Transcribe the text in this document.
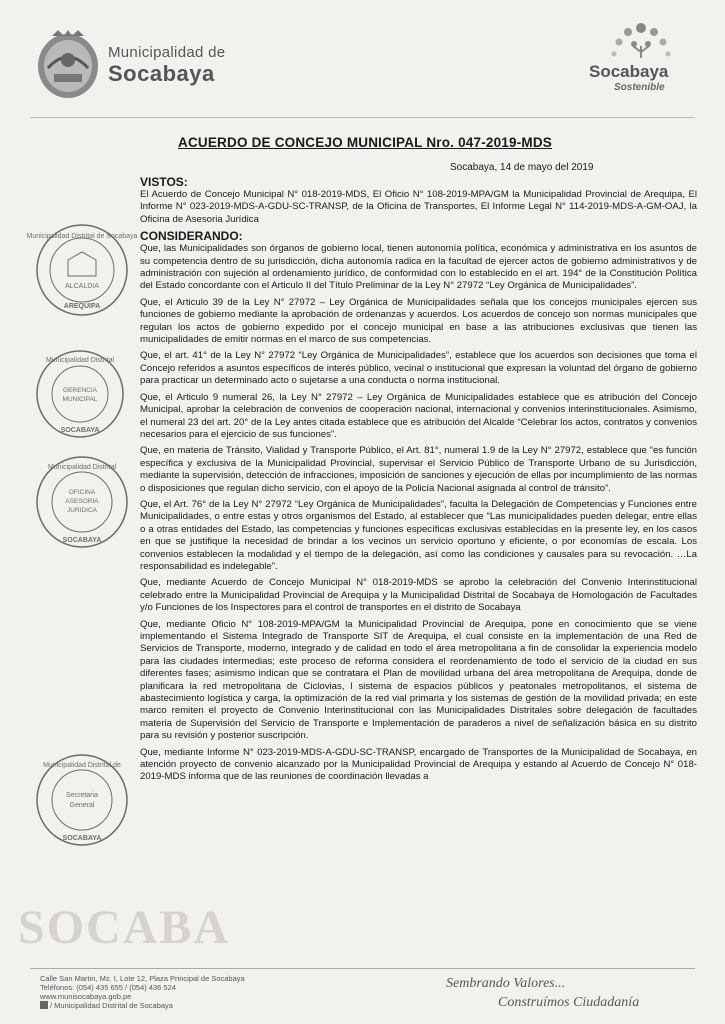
Municipalidad de
Socabaya	Socabaya
Sostenible
ACUERDO DE CONCEJO MUNICIPAL Nro. 047-2019-MDS
Socabaya, 14 de mayo del 2019
VISTOS:

El Acuerdo de Concejo Municipal N° 018-2019-MDS, El Oficio N° 108-2019-MPA/GM la Municipalidad Provincial de Arequipa, El Informe N° 023-2019-MDS-A-GDU-SC-TRANSP, de la Oficina de Transportes, El Informe Legal N° 114-2019-MDS-A-GM-OAJ, la Oficina de Asesoria Jurídica

CONSIDERANDO:

Que, las Municipalidades son órganos de gobierno local, tienen autonomía política, económica y administrativa en los asuntos de su competencia dentro de su jurisdicción, dicha autonomía radica en la facultad de ejercer actos de gobierno administrativos y de administración con sujeción al ordenamiento jurídico, de conformidad con lo establecido en el art. 194° de la Constitución Política del Estado concordante con el Articulo II del Título Preliminar de la Ley N° 27972 “Ley Orgánica de Municipalidades”.

Que, el Articulo 39 de la Ley N° 27972 – Ley Orgánica de Municipalidades señala que los concejos municipales ejercen sus funciones de gobierno mediante la aprobación de ordenanzas y acuerdos. Los acuerdos de concejo son normas municipales que regulan los actos de gobierno expedido por el concejo municipal en base a las atribuciones exclusivas que tienen las municipalidades de emitir normas en el marco de sus competencias.

Que, el art. 41° de la Ley N° 27972 “Ley Orgánica de Municipalidades”, establece que los acuerdos son decisiones que toma el Concejo referidos a asuntos específicos de interés público, vecinal o institucional que expresan la voluntad del órgano de gobierno para practicar un determinado acto o sujetarse a una conducta o norma institucional.

Que, el Articulo 9 numeral 26, la Ley N° 27972 – Ley Orgánica de Municipalidades establece que es atribución del Concejo Municipal, aprobar la celebración de convenios de cooperación nacional, internacional y convenios interinstitucionales. Asimismo, el numeral 23 del art. 20° de la Ley antes citada establece que es atribución del Alcalde “Celebrar los actos, contratos y convenios necesarios para el ejercicio de sus funciones”.

Que, en materia de Tránsito, Vialidad y Transporte Público, el Art. 81°, numeral 1.9 de la Ley N° 27972, establece que “es función específica y exclusiva de la Municipalidad Provincial, supervisar el Servicio Público de Transporte Urbano de su Jurisdicción, mediante la supervisión, detección de infracciones, imposición de sanciones y ejecución de ellas por incumplimiento de las normas o disposiciones que regulan dicho servicio, con el apoyo de la Policía Nacional asignada al control de tránsito”.

Que, el Art. 76° de la Ley N° 27972 “Ley Orgánica de Municipalidades”, faculta la Delegación de Competencias y Funciones entre Municipalidades, o entre estas y otros organismos del Estado, al establecer que “Las municipalidades pueden delegar, entre ellas o a otras entidades del Estado, las competencias y funciones específicas exclusivas establecidas en la presente ley, en los casos en que se justifique la necesidad de brindar a los vecinos un servicio oportuno y eficiente, o por economías de escala. Los convenios establecen la modalidad y el tiempo de la delegación, así como las condiciones y causales para su revocación. …La responsabilidad es indelegable”.

Que, mediante Acuerdo de Concejo Municipal N° 018-2019-MDS se aprobo la celebración del Convenio Interinstitucional celebrado entre la Municipalidad Provincial de Arequipa y la Municipalidad Distrital de Socabaya de Homologación de Facultades y/o Funciones de los Inspectores para el control de transportes en el distrito de Socabaya

Que, mediante Oficio N° 108-2019-MPA/GM la Municipalidad Provincial de Arequipa, pone en conocimiento que se viene implementando el Sistema Integrado de Transporte SIT de Arequipa, el cual consiste en la implementación de una Red de Servicios de Transporte, moderno, integrado y de calidad en todo el área metropolitana a fin de consolidar la experiencia modelo para las ciudades intermedias; este proceso de reforma considera el reordenamiento de todo el servicio de la ciudad en sus diferentes fases; asimismo indican que se contratara el Plan de movilidad urbana del área metropolitana de Arequipa, donde de planificara la red metropolitana de Ciclovias, l sistema de espacios públicos y peatonales metropolitanos, el sistema de abastecimiento logística y carga, la optimización de la red vial primaria y los sistemas de gestión de la movilidad privada; en este marco remiten el proyecto de Convenio Interinstitucional con las Municipalidades Distritales sobre delegación de facultades materia de Supervisión del Servicio de Transporte e Implementación de paraderos a nivel de señalización básica en su distrito para su revisión y posterior suscripción.

Que, mediante Informe N° 023-2019-MDS-A-GDU-SC-TRANSP, encargado de Transportes de la Municipalidad de Socabaya, en atención proyecto de convenio alcanzado por la Municipalidad Provincial de Arequipa y estando al Acuerdo de Concejo N° 018-2019-MDS informa que de las reuniones de coordinación llevadas a

Municipalidad Distrital de Socabaya
ALCALDIA
AREQUIPA
Municipalidad Distrital
GERENCIA
MUNICIPAL
SOCABAYA
Municipalidad Distrital
OFICINA
ASESORIA
JURIDICA
SOCABAYA
Municipalidad Distrital de
Secretaria
General
SOCABAYA
SOCABA
Calle San Martin, Mz. I, Lote 12, Plaza Principal de Socabaya
Teléfonos: (054) 435 655 / (054) 436 524
www.munisocabaya.gob.pe
/ Municipalidad Distrital de Socabaya
Sembrando Valores...
Construímos Ciudadanía
